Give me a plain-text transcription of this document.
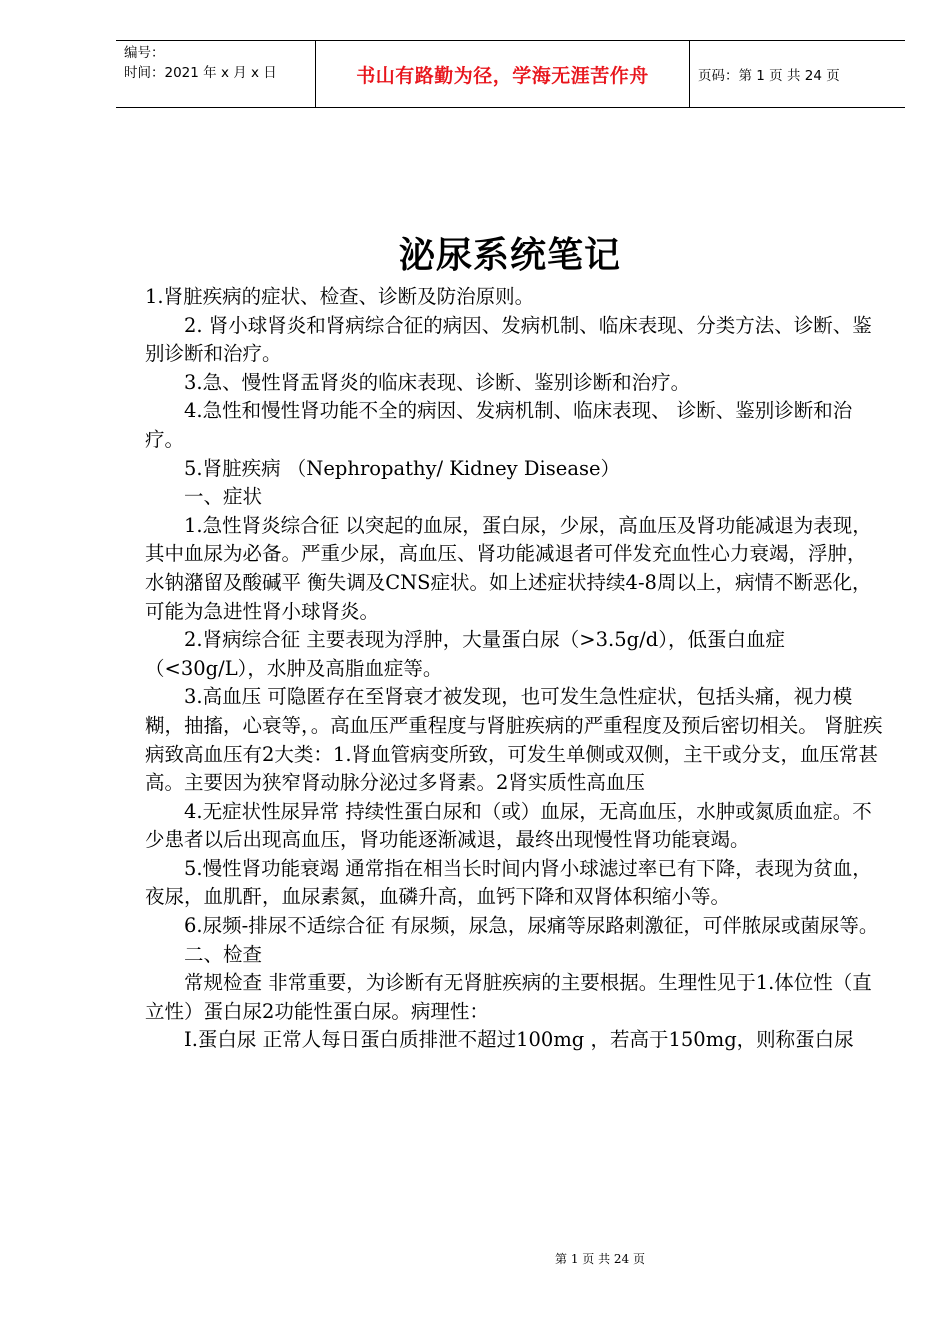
编号：
时间：2021 年 x 月 x 日	书山有路勤为径，学海无涯苦作舟	页码：第 1 页 共 24 页
泌尿系统笔记

1.肾脏疾病的症状、检查、诊断及防治原则。

2. 肾小球肾炎和肾病综合征的病因、发病机制、临床表现、分类方法、诊断、鉴别诊断和治疗。

3.急、慢性肾盂肾炎的临床表现、诊断、鉴别诊断和治疗。

4.急性和慢性肾功能不全的病因、发病机制、临床表现、 诊断、鉴别诊断和治疗。

5.肾脏疾病 （Nephropathy/ Kidney Disease）

一、症状

1.急性肾炎综合征 以突起的血尿，蛋白尿，少尿，高血压及肾功能减退为表现，其中血尿为必备。严重少尿，高血压、肾功能减退者可伴发充血性心力衰竭，浮肿，水钠潴留及酸碱平 衡失调及CNS症状。如上述症状持续4-8周以上，病情不断恶化，可能为急进性肾小球肾炎。

2.肾病综合征 主要表现为浮肿，大量蛋白尿（>3.5g/d），低蛋白血症（<30g/L），水肿及高脂血症等。

3.高血压 可隐匿存在至肾衰才被发现，也可发生急性症状，包括头痛，视力模糊，抽搐，心衰等，。高血压严重程度与肾脏疾病的严重程度及预后密切相关。 肾脏疾病致高血压有2大类：1.肾血管病变所致，可发生单侧或双侧，主干或分支，血压常甚高。主要因为狭窄肾动脉分泌过多肾素。2肾实质性高血压

4.无症状性尿异常 持续性蛋白尿和（或）血尿，无高血压，水肿或氮质血症。不少患者以后出现高血压，肾功能逐渐减退，最终出现慢性肾功能衰竭。

5.慢性肾功能衰竭 通常指在相当长时间内肾小球滤过率已有下降，表现为贫血，夜尿，血肌酐，血尿素氮，血磷升高，血钙下降和双肾体积缩小等。

6.尿频-排尿不适综合征 有尿频，尿急，尿痛等尿路刺激征，可伴脓尿或菌尿等。

二、检查

常规检查 非常重要，为诊断有无肾脏疾病的主要根据。生理性见于1.体位性（直立性）蛋白尿2功能性蛋白尿。病理性：

Ⅰ.蛋白尿 正常人每日蛋白质排泄不超过100mg ，若高于150mg，则称蛋白尿

第 1 页 共 24 页
